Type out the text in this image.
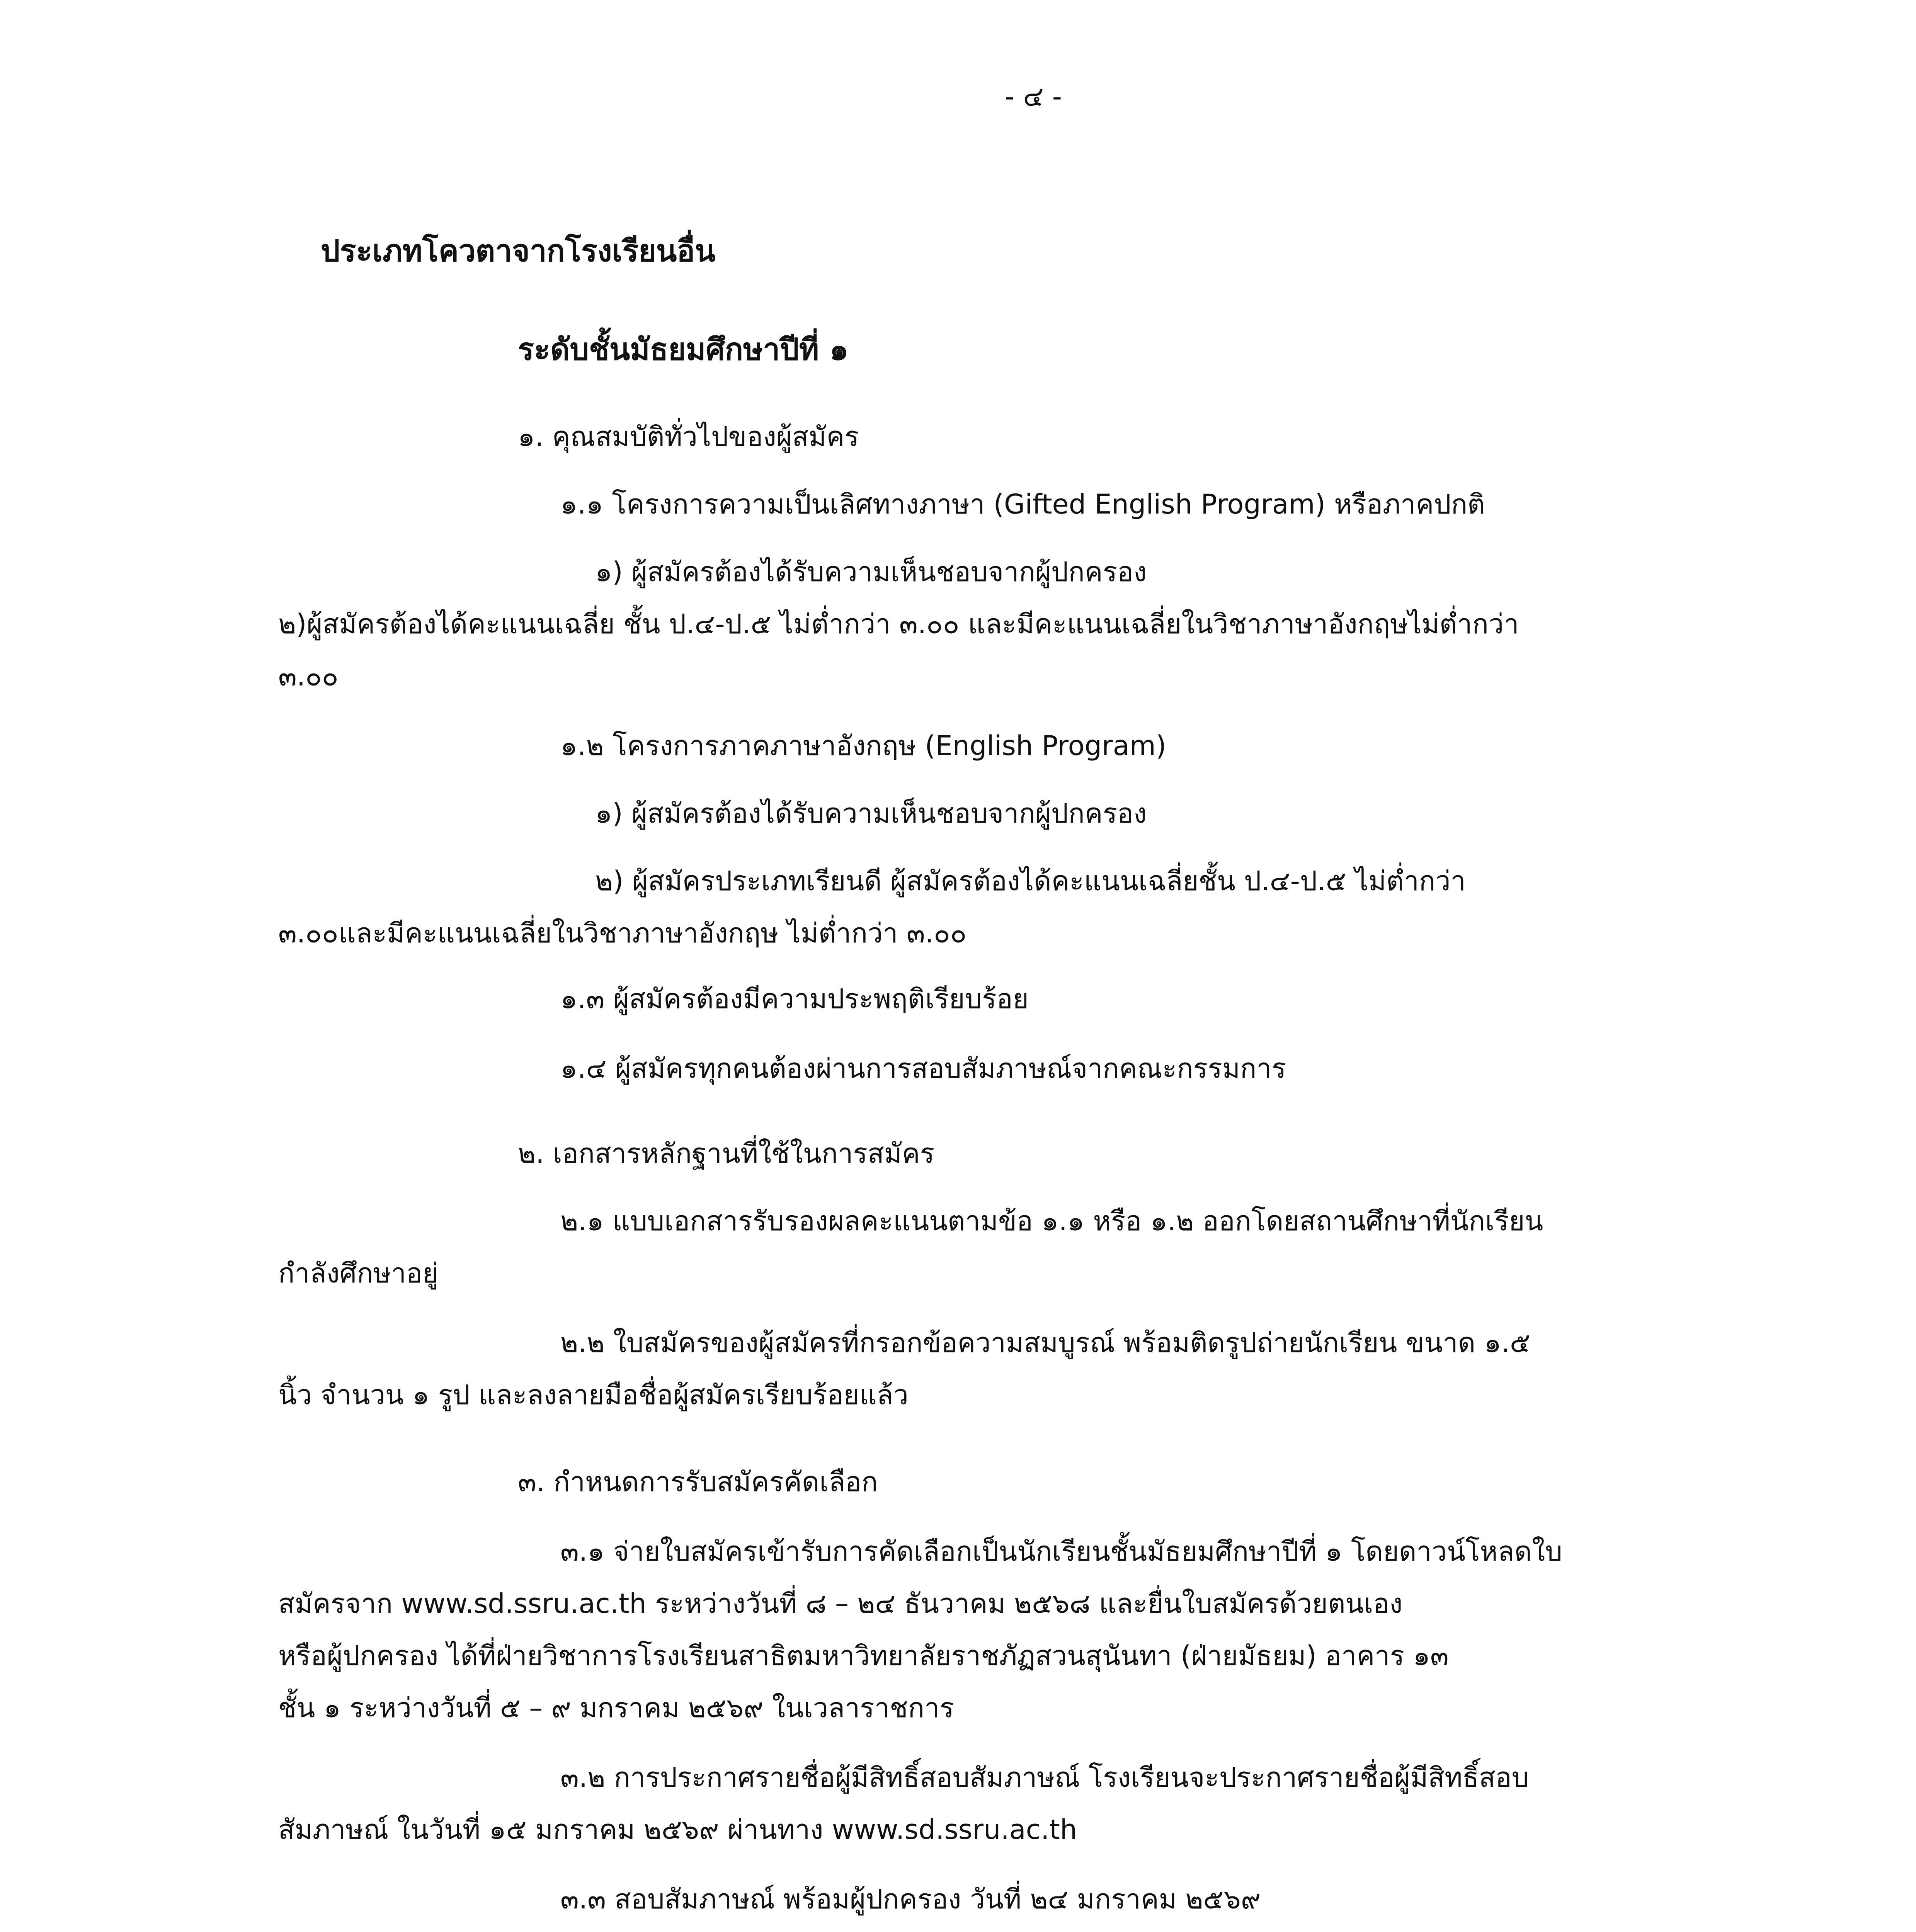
- ๔ -
ประเภทโควตาจากโรงเรียนอื่น
ระดับชั้นมัธยมศึกษาปีที่ ๑
๑. คุณสมบัติทั่วไปของผู้สมัคร
๑.๑ โครงการความเป็นเลิศทางภาษา (Gifted English Program) หรือภาคปกติ
๑) ผู้สมัครต้องได้รับความเห็นชอบจากผู้ปกครอง
๒)ผู้สมัครต้องได้คะแนนเฉลี่ย ชั้น ป.๔-ป.๕ ไม่ต่ำกว่า ๓.๐๐ และมีคะแนนเฉลี่ยในวิชาภาษาอังกฤษไม่ต่ำกว่า
๓.๐๐
๑.๒ โครงการภาคภาษาอังกฤษ (English Program)
๑) ผู้สมัครต้องได้รับความเห็นชอบจากผู้ปกครอง
๒) ผู้สมัครประเภทเรียนดี ผู้สมัครต้องได้คะแนนเฉลี่ยชั้น ป.๔-ป.๕ ไม่ต่ำกว่า
๓.๐๐และมีคะแนนเฉลี่ยในวิชาภาษาอังกฤษ ไม่ต่ำกว่า ๓.๐๐
๑.๓ ผู้สมัครต้องมีความประพฤติเรียบร้อย
๑.๔ ผู้สมัครทุกคนต้องผ่านการสอบสัมภาษณ์จากคณะกรรมการ
๒. เอกสารหลักฐานที่ใช้ในการสมัคร
๒.๑ แบบเอกสารรับรองผลคะแนนตามข้อ ๑.๑ หรือ ๑.๒ ออกโดยสถานศึกษาที่นักเรียน
กำลังศึกษาอยู่
๒.๒ ใบสมัครของผู้สมัครที่กรอกข้อความสมบูรณ์ พร้อมติดรูปถ่ายนักเรียน ขนาด ๑.๕
นิ้ว จำนวน ๑ รูป และลงลายมือชื่อผู้สมัครเรียบร้อยแล้ว
๓. กำหนดการรับสมัครคัดเลือก
๓.๑ จ่ายใบสมัครเข้ารับการคัดเลือกเป็นนักเรียนชั้นมัธยมศึกษาปีที่ ๑ โดยดาวน์โหลดใบ
สมัครจาก www.sd.ssru.ac.th ระหว่างวันที่ ๘ – ๒๔ ธันวาคม ๒๕๖๘ และยื่นใบสมัครด้วยตนเอง
หรือผู้ปกครอง ได้ที่ฝ่ายวิชาการโรงเรียนสาธิตมหาวิทยาลัยราชภัฏสวนสุนันทา (ฝ่ายมัธยม) อาคาร ๑๓
ชั้น ๑ ระหว่างวันที่ ๕ – ๙ มกราคม ๒๕๖๙ ในเวลาราชการ
๓.๒ การประกาศรายชื่อผู้มีสิทธิ์สอบสัมภาษณ์ โรงเรียนจะประกาศรายชื่อผู้มีสิทธิ์สอบ
สัมภาษณ์ ในวันที่ ๑๕ มกราคม ๒๕๖๙ ผ่านทาง www.sd.ssru.ac.th
๓.๓ สอบสัมภาษณ์ พร้อมผู้ปกครอง วันที่ ๒๔ มกราคม ๒๕๖๙
